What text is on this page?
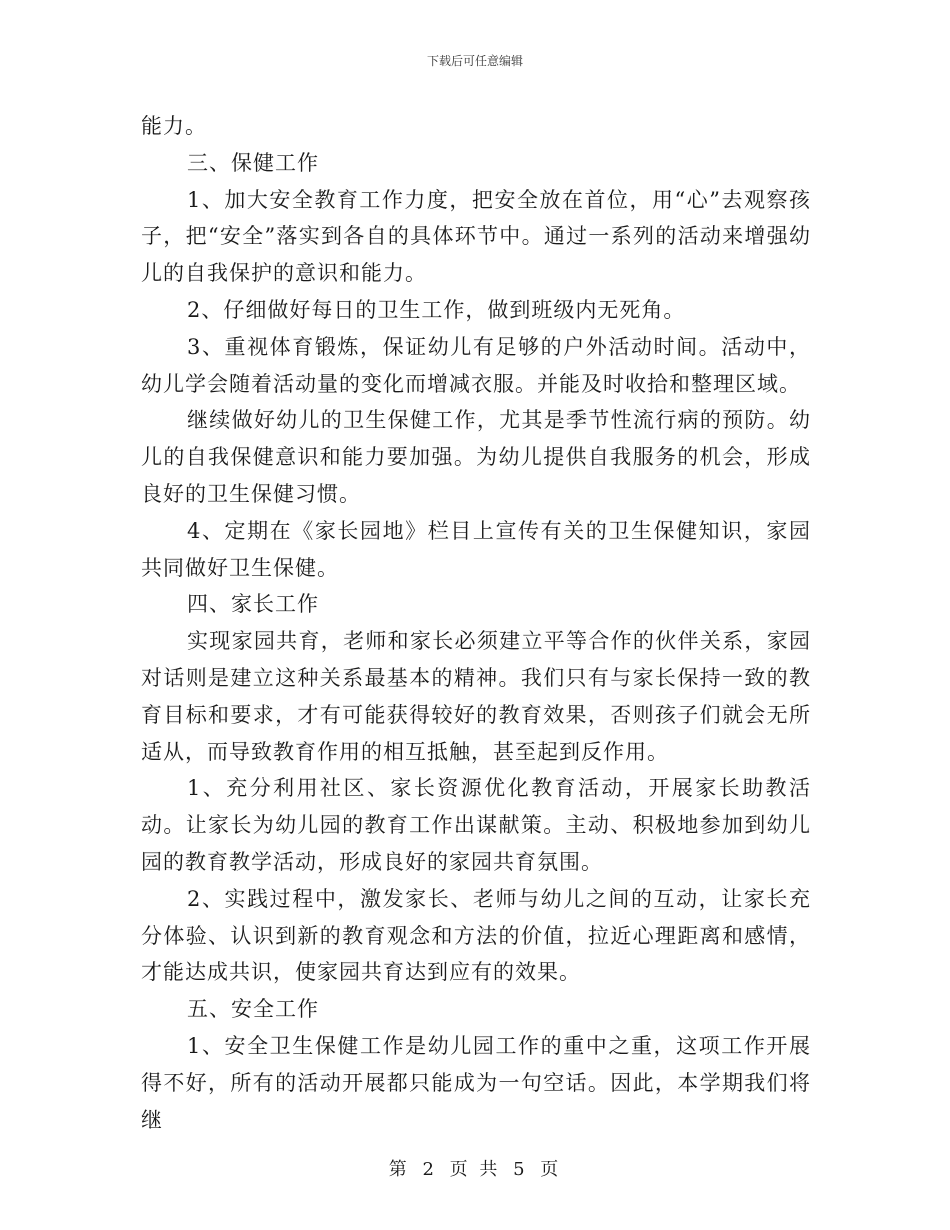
下载后可任意编辑

能力。

三、保健工作

1、加大安全教育工作力度，把安全放在首位，用“心”去观察孩子，把“安全”落实到各自的具体环节中。通过一系列的活动来增强幼儿的自我保护的意识和能力。

2、仔细做好每日的卫生工作，做到班级内无死角。

3、重视体育锻炼，保证幼儿有足够的户外活动时间。活动中，幼儿学会随着活动量的变化而增减衣服。并能及时收拾和整理区域。

继续做好幼儿的卫生保健工作，尤其是季节性流行病的预防。幼儿的自我保健意识和能力要加强。为幼儿提供自我服务的机会，形成良好的卫生保健习惯。

4、定期在《家长园地》栏目上宣传有关的卫生保健知识，家园共同做好卫生保健。

四、家长工作

实现家园共育，老师和家长必须建立平等合作的伙伴关系，家园对话则是建立这种关系最基本的精神。我们只有与家长保持一致的教育目标和要求，才有可能获得较好的教育效果，否则孩子们就会无所适从，而导致教育作用的相互抵触，甚至起到反作用。

1、充分利用社区、家长资源优化教育活动，开展家长助教活动。让家长为幼儿园的教育工作出谋献策。主动、积极地参加到幼儿园的教育教学活动，形成良好的家园共育氛围。

2、实践过程中，激发家长、老师与幼儿之间的互动，让家长充分体验、认识到新的教育观念和方法的价值，拉近心理距离和感情，才能达成共识，使家园共育达到应有的效果。

五、安全工作

1、安全卫生保健工作是幼儿园工作的重中之重，这项工作开展得不好，所有的活动开展都只能成为一句空话。因此，本学期我们将继

第 2 页 共 5 页
